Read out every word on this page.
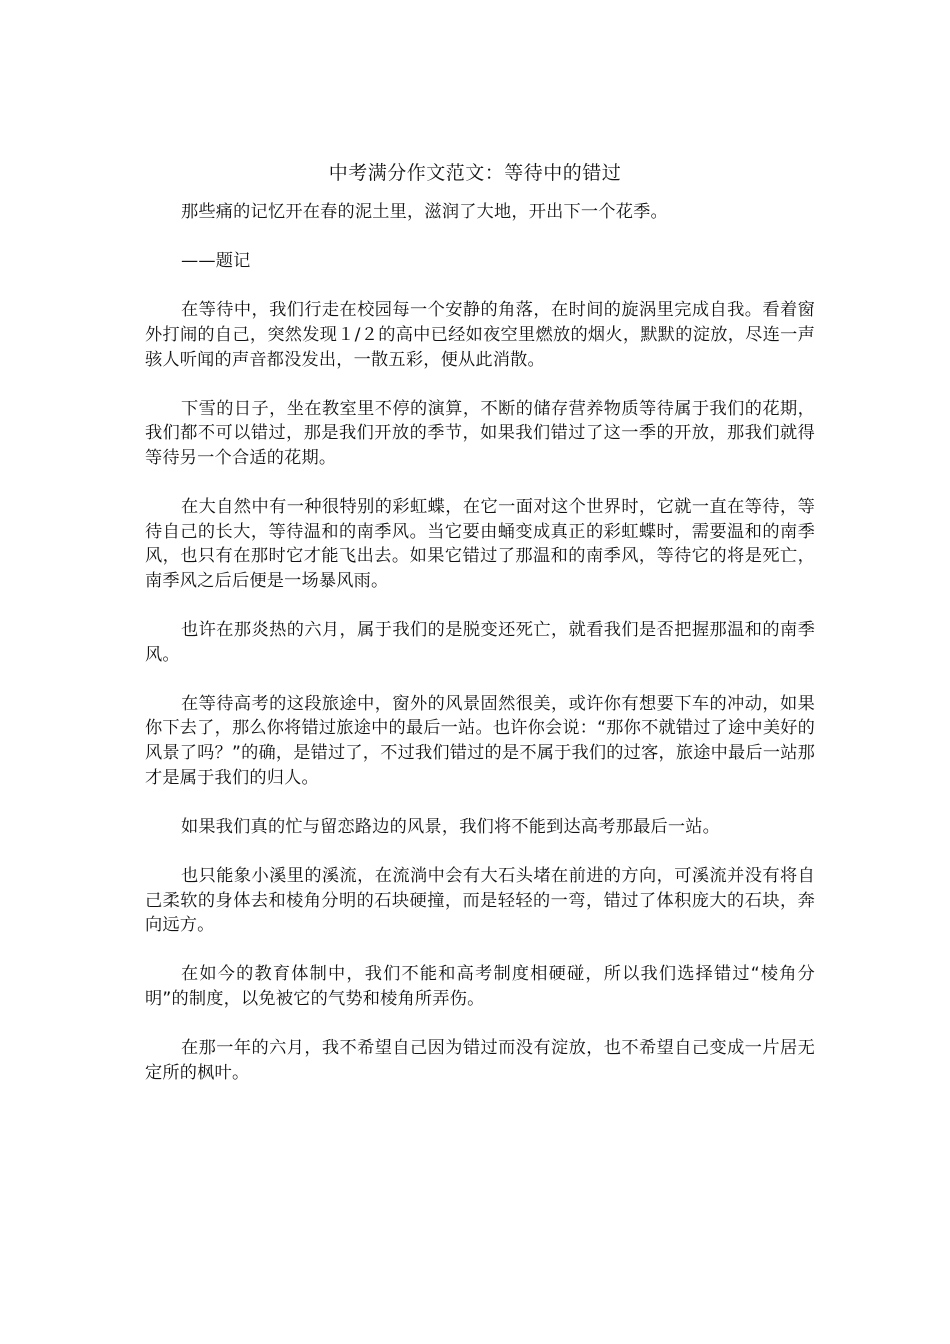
中考满分作文范文：等待中的错过

那些痛的记忆开在春的泥土里，滋润了大地，开出下一个花季。

——题记

在等待中，我们行走在校园每一个安静的角落，在时间的旋涡里完成自我。看着窗外打闹的自己，突然发现１/２的高中已经如夜空里燃放的烟火，默默的淀放，尽连一声骇人听闻的声音都没发出，一散五彩，便从此消散。

下雪的日子，坐在教室里不停的演算，不断的储存营养物质等待属于我们的花期，我们都不可以错过，那是我们开放的季节，如果我们错过了这一季的开放，那我们就得等待另一个合适的花期。

在大自然中有一种很特别的彩虹蝶，在它一面对这个世界时，它就一直在等待，等待自己的长大，等待温和的南季风。当它要由蛹变成真正的彩虹蝶时，需要温和的南季风，也只有在那时它才能飞出去。如果它错过了那温和的南季风，等待它的将是死亡，南季风之后后便是一场暴风雨。

也许在那炎热的六月，属于我们的是脱变还死亡，就看我们是否把握那温和的南季风。

在等待高考的这段旅途中，窗外的风景固然很美，或许你有想要下车的冲动，如果你下去了，那么你将错过旅途中的最后一站。也许你会说：“那你不就错过了途中美好的风景了吗？”的确，是错过了，不过我们错过的是不属于我们的过客，旅途中最后一站那才是属于我们的归人。

如果我们真的忙与留恋路边的风景，我们将不能到达高考那最后一站。

也只能象小溪里的溪流，在流淌中会有大石头堵在前进的方向，可溪流并没有将自己柔软的身体去和棱角分明的石块硬撞，而是轻轻的一弯，错过了体积庞大的石块，奔向远方。

在如今的教育体制中，我们不能和高考制度相硬碰，所以我们选择错过“棱角分明”的制度，以免被它的气势和棱角所弄伤。

在那一年的六月，我不希望自己因为错过而没有淀放，也不希望自己变成一片居无定所的枫叶。
